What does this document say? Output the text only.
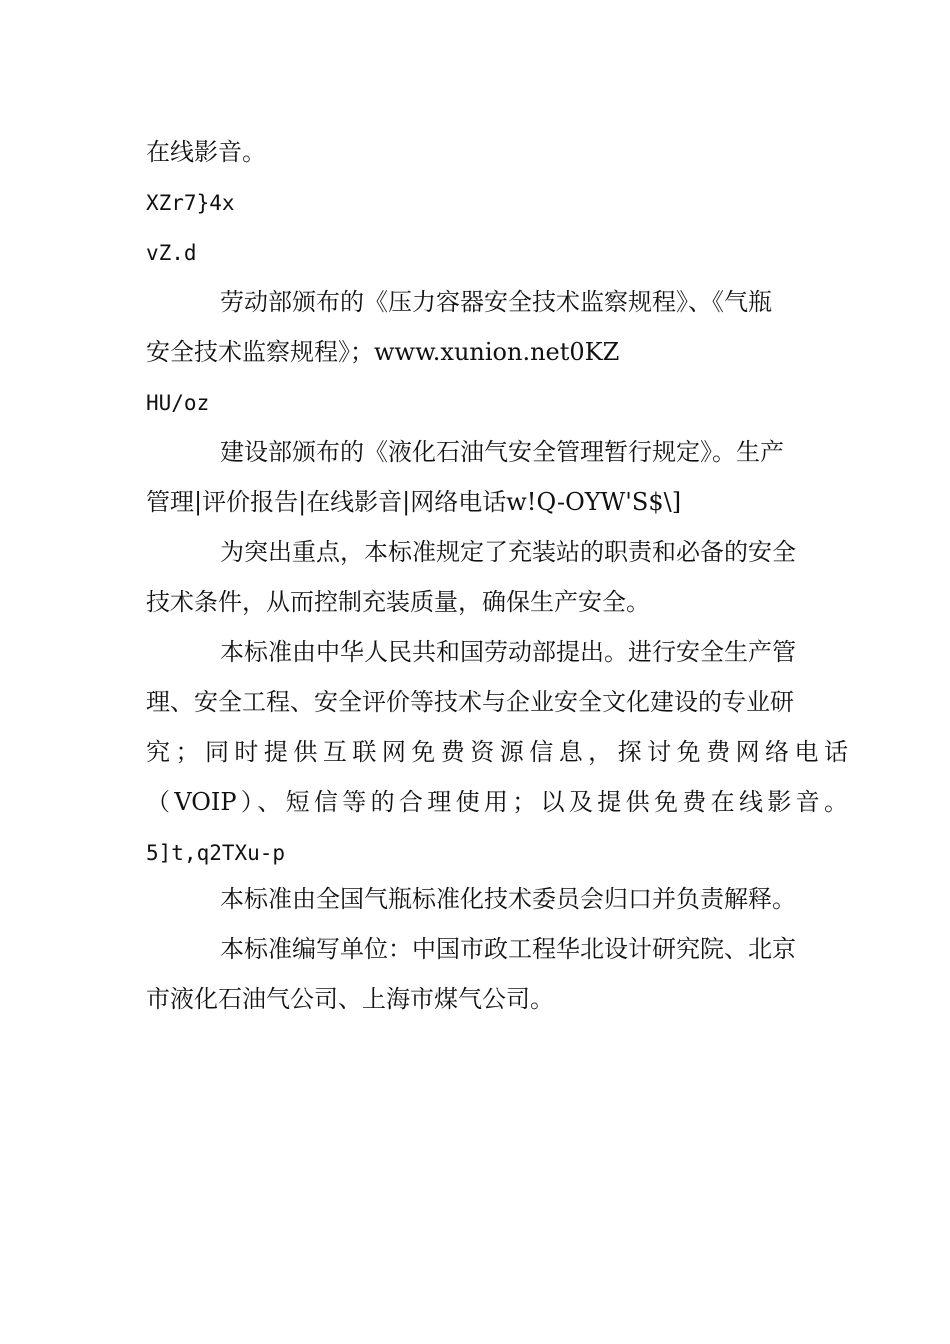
在线影音。
XZr7}4x
vZ.d
劳动部颁布的《压力容器安全技术监察规程》、《气瓶
安全技术监察规程》；www.xunion.net0KZ
HU/oz
建设部颁布的《液化石油气安全管理暂行规定》。生产
管理|评价报告|在线影音|网络电话w!Q-OYW'S$\]
为突出重点，本标准规定了充装站的职责和必备的安全
技术条件，从而控制充装质量，确保生产安全。
本标准由中华人民共和国劳动部提出。进行安全生产管
理、安全工程、安全评价等技术与企业安全文化建设的专业研
究；同时提供互联网免费资源信息，探讨免费网络电话
（VOIP）、短信等的合理使用；以及提供免费在线影音。
5]t,q2TXu-p
本标准由全国气瓶标准化技术委员会归口并负责解释。
本标准编写单位：中国市政工程华北设计研究院、北京
市液化石油气公司、上海市煤气公司。
